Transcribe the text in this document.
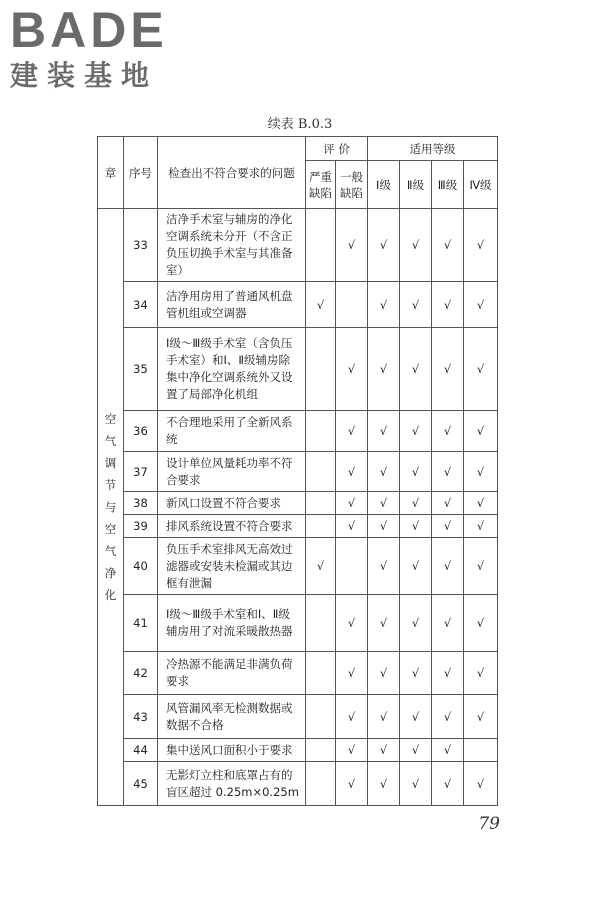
BADE
建装基地
续表 B.0.3
章	序号	检查出不符合要求的问题	评 价		适用等级			
			严重缺陷	一般缺陷	Ⅰ级	Ⅱ级	Ⅲ级	Ⅳ级

空气调节与空气净化	33	洁净手术室与辅房的净化空调系统未分开（不含正负压切换手术室与其准备室）		√	√	√	√	√
	34	洁净用房用了普通风机盘管机组或空调器	√		√	√	√	√
	35	Ⅰ级～Ⅲ级手术室（含负压手术室）和Ⅰ、Ⅱ级辅房除集中净化空调系统外又设置了局部净化机组		√	√	√	√	√
	36	不合理地采用了全新风系统		√	√	√	√	√
	37	设计单位风量耗功率不符合要求		√	√	√	√	√
	38	新风口设置不符合要求		√	√	√	√	√
	39	排风系统设置不符合要求		√	√	√	√	√
	40	负压手术室排风无高效过滤器或安装未检漏或其边框有泄漏	√		√	√	√	√
	41	Ⅰ级～Ⅲ级手术室和Ⅰ、Ⅱ级辅房用了对流采暖散热器		√	√	√	√	√
	42	冷热源不能满足非满负荷要求		√	√	√	√	√
	43	风管漏风率无检测数据或数据不合格		√	√	√	√	√
	44	集中送风口面积小于要求		√	√	√	√	
	45	无影灯立柱和底罩占有的盲区超过 0.25m×0.25m		√	√	√	√	√
79
